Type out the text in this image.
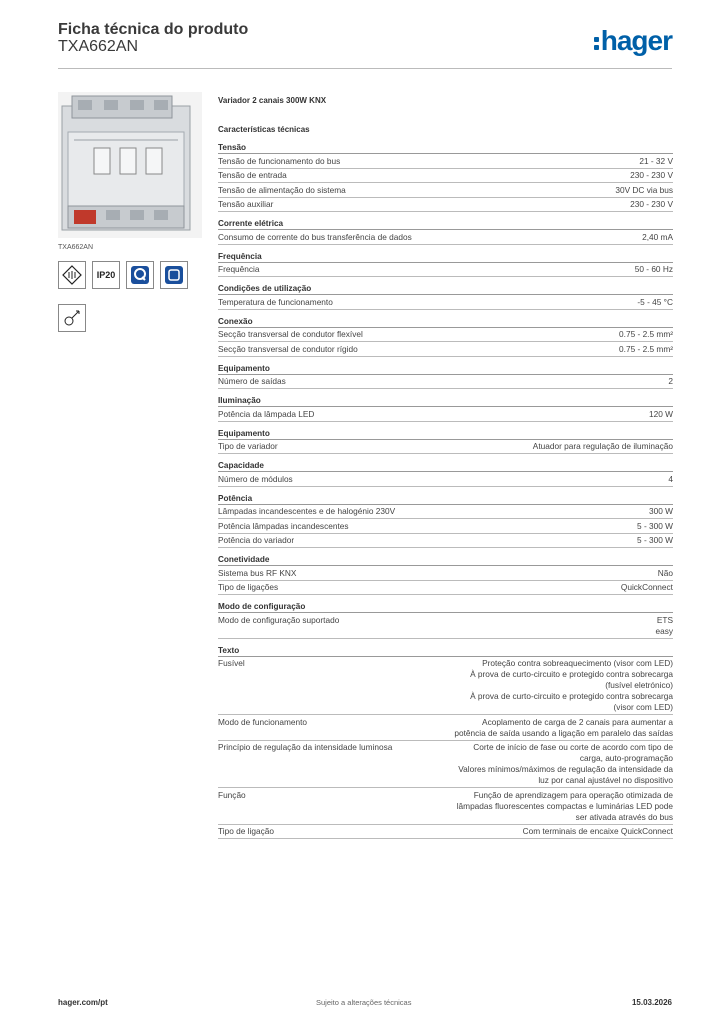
Ficha técnica do produto
TXA662AN	hager
TXA662AN
IP20
Variador 2 canais 300W KNX
Características técnicas
Tensão
Tensão de funcionamento do bus	21 - 32 V
Tensão de entrada	230 - 230 V
Tensão de alimentação do sistema	30V DC via bus
Tensão auxiliar	230 - 230 V
Corrente elétrica
Consumo de corrente do bus transferência de dados	2,40 mA
Frequência
Frequência	50 - 60 Hz
Condições de utilização
Temperatura de funcionamento	-5 - 45 °C
Conexão
Secção transversal de condutor flexível	0.75 - 2.5 mm²
Secção transversal de condutor rígido	0.75 - 2.5 mm²
Equipamento
Número de saídas	2
Iluminação
Potência da lâmpada LED	120 W
Equipamento
Tipo de variador	Atuador para regulação de iluminação
Capacidade
Número de módulos	4
Potência
Lâmpadas incandescentes e de halogénio 230V	300 W
Potência lâmpadas incandescentes	5 - 300 W
Potência do variador	5 - 300 W
Conetividade
Sistema bus RF KNX	Não
Tipo de ligações	QuickConnect
Modo de configuração
Modo de configuração suportado	ETS
easy
Texto
Fusível	Proteção contra sobreaquecimento (visor com LED)
À prova de curto-circuito e protegido contra sobrecarga (fusível eletrónico)
À prova de curto-circuito e protegido contra sobrecarga (visor com LED)
Modo de funcionamento	Acoplamento de carga de 2 canais para aumentar a potência de saída usando a ligação em paralelo das saídas
Princípio de regulação da intensidade luminosa	Corte de início de fase ou corte de acordo com tipo de carga, auto-programação
Valores mínimos/máximos de regulação da intensidade da luz por canal ajustável no dispositivo
Função	Função de aprendizagem para operação otimizada de lâmpadas fluorescentes compactas e luminárias LED pode ser ativada através do bus
Tipo de ligação	Com terminais de encaixe QuickConnect
hager.com/pt	Sujeito a alterações técnicas	15.03.2026
